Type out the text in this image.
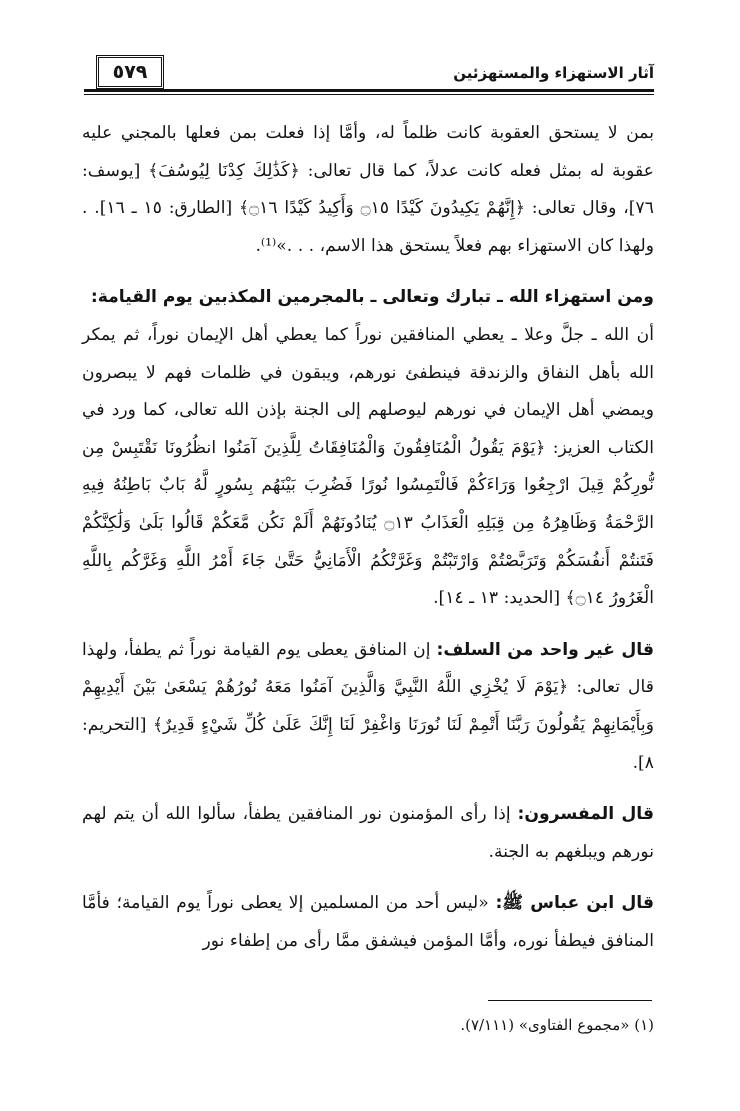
آثار الاستهزاء والمستهزئين
٥٧٩

بمن لا يستحق العقوبة كانت ظلماً له، وأمَّا إذا فعلت بمن فعلها بالمجني عليه عقوبة له بمثل فعله كانت عدلاً، كما قال تعالى: ﴿كَذَٰلِكَ كِدْنَا لِيُوسُفَ﴾ [يوسف: ٧٦]، وقال تعالى: ﴿إِنَّهُمْ يَكِيدُونَ كَيْدًا ۝١٥ وَأَكِيدُ كَيْدًا ۝١٦﴾ [الطارق: ١٥ ـ ١٦]. . ولهذا كان الاستهزاء بهم فعلاً يستحق هذا الاسم، . . .»⁽¹⁾.

ومن استهزاء الله ـ تبارك وتعالى ـ بالمجرمين المكذبين يوم القيامة:
أن الله ـ جلَّ وعلا ـ يعطي المنافقين نوراً كما يعطي أهل الإيمان نوراً، ثم يمكر الله بأهل النفاق والزندقة فينطفئ نورهم، ويبقون في ظلمات فهم لا يبصرون ويمضي أهل الإيمان في نورهم ليوصلهم إلى الجنة بإذن الله تعالى، كما ورد في الكتاب العزيز: ﴿يَوْمَ يَقُولُ الْمُنَافِقُونَ وَالْمُنَافِقَاتُ لِلَّذِينَ آمَنُوا انظُرُونَا نَقْتَبِسْ مِن نُّورِكُمْ قِيلَ ارْجِعُوا وَرَاءَكُمْ فَالْتَمِسُوا نُورًا فَضُرِبَ بَيْنَهُم بِسُورٍ لَّهُ بَابٌ بَاطِنُهُ فِيهِ الرَّحْمَةُ وَظَاهِرُهُ مِن قِبَلِهِ الْعَذَابُ ۝١٣ يُنَادُونَهُمْ أَلَمْ نَكُن مَّعَكُمْ قَالُوا بَلَىٰ وَلَٰكِنَّكُمْ فَتَنتُمْ أَنفُسَكُمْ وَتَرَبَّصْتُمْ وَارْتَبْتُمْ وَغَرَّتْكُمُ الْأَمَانِيُّ حَتَّىٰ جَاءَ أَمْرُ اللَّهِ وَغَرَّكُم بِاللَّهِ الْغَرُورُ ۝١٤﴾ [الحديد: ١٣ ـ ١٤].

قال غير واحد من السلف: إن المنافق يعطى يوم القيامة نوراً ثم يطفأ، ولهذا قال تعالى: ﴿يَوْمَ لَا يُخْزِي اللَّهُ النَّبِيَّ وَالَّذِينَ آمَنُوا مَعَهُ نُورُهُمْ يَسْعَىٰ بَيْنَ أَيْدِيهِمْ وَبِأَيْمَانِهِمْ يَقُولُونَ رَبَّنَا أَتْمِمْ لَنَا نُورَنَا وَاغْفِرْ لَنَا إِنَّكَ عَلَىٰ كُلِّ شَيْءٍ قَدِيرٌ﴾ [التحريم: ٨].

قال المفسرون: إذا رأى المؤمنون نور المنافقين يطفأ، سألوا الله أن يتم لهم نورهم ويبلغهم به الجنة.

قال ابن عباس ﷺ: «ليس أحد من المسلمين إلا يعطى نوراً يوم القيامة؛ فأمَّا المنافق فيطفأ نوره، وأمَّا المؤمن فيشفق ممَّا رأى من إطفاء نور

(١) «مجموع الفتاوى» (٧/١١١).
